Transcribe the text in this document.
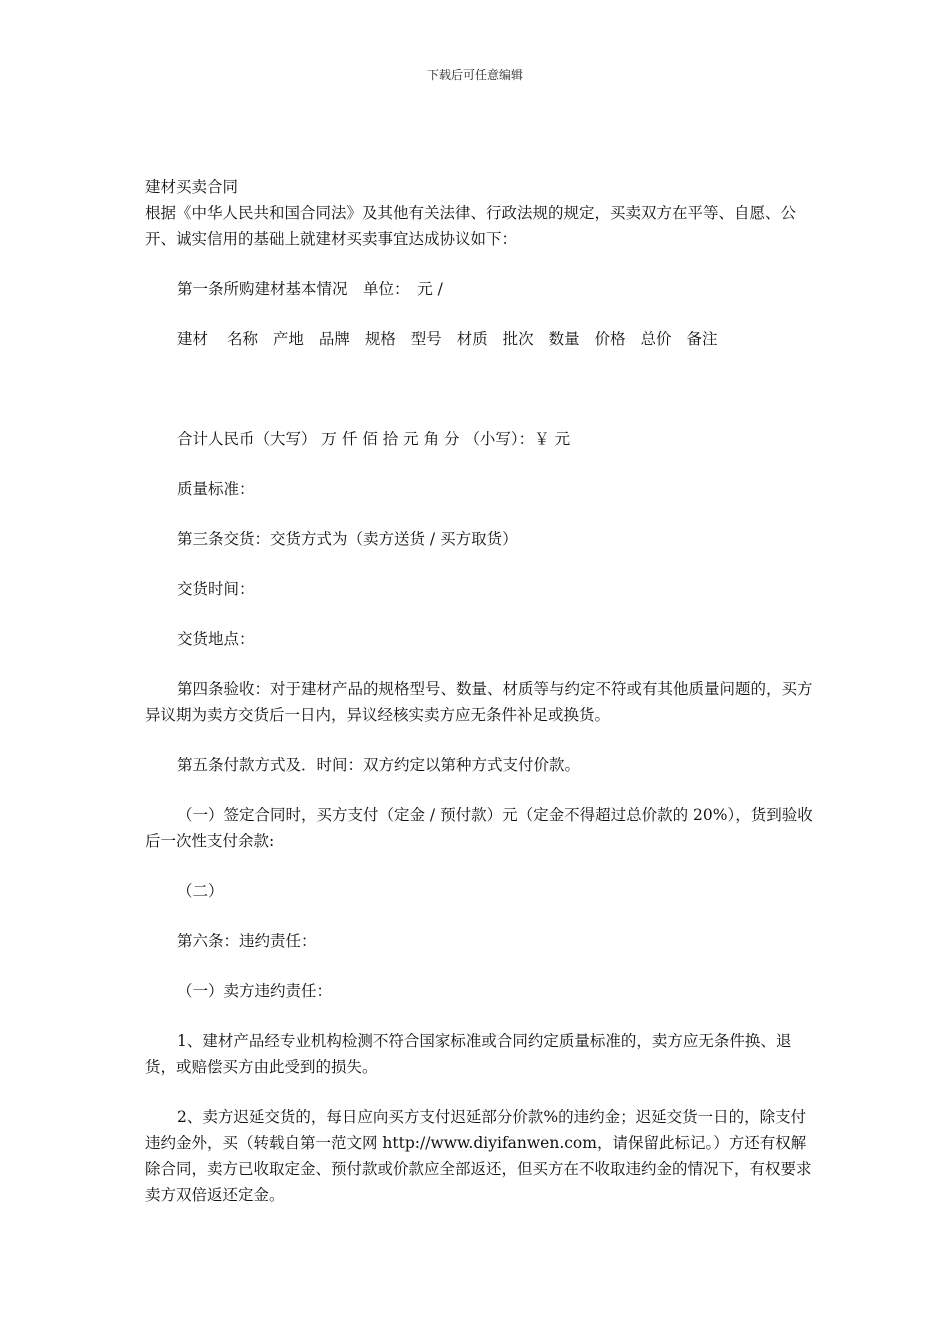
下载后可任意编辑

建材买卖合同

根据《中华人民共和国合同法》及其他有关法律、行政法规的规定，买卖双方在平等、自愿、公开、诚实信用的基础上就建材买卖事宜达成协议如下：

第一条所购建材基本情况　单位：　元 /

建材 名称 产地 品牌 规格 型号 材质 批次 数量 价格 总价 备注

合计人民币（大写） 万 仟 佰 拾 元 角 分 （小写）：￥ 元

质量标准：

第三条交货：交货方式为（卖方送货 / 买方取货）

交货时间：

交货地点：

第四条验收：对于建材产品的规格型号、数量、材质等与约定不符或有其他质量问题的，买方异议期为卖方交货后一日内，异议经核实卖方应无条件补足或换货。

第五条付款方式及．时间：双方约定以第种方式支付价款。

（一）签定合同时，买方支付（定金 / 预付款）元（定金不得超过总价款的 20%），货到验收后一次性支付余款:

（二）

第六条：违约责任：

（一）卖方违约责任：

1、建材产品经专业机构检测不符合国家标准或合同约定质量标准的，卖方应无条件换、退货，或赔偿买方由此受到的损失。

2、卖方迟延交货的，每日应向买方支付迟延部分价款%的违约金；迟延交货一日的，除支付违约金外，买（转载自第一范文网 http://www.diyifanwen.com，请保留此标记。）方还有权解除合同，卖方已收取定金、预付款或价款应全部返还，但买方在不收取违约金的情况下，有权要求卖方双倍返还定金。
